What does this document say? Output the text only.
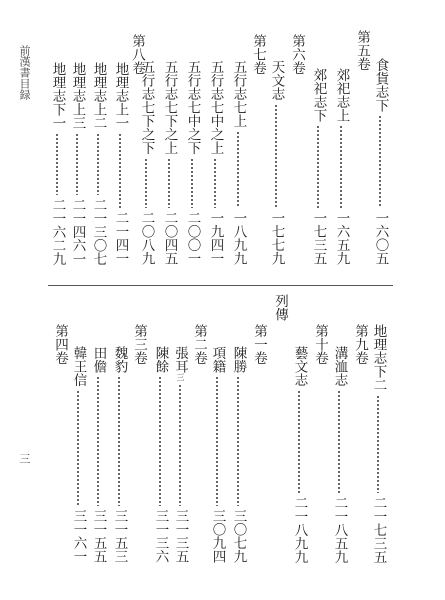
前漢書目録
三
第五卷
食貨志下
一六〇五
郊祀志上
一六五九
郊祀志下
一七三五
第六卷
天文志
一七七九
第七卷
五行志七上
一八九九
五行志七中之上
一九四一
五行志七中之下
二〇〇一
五行志七下之上
二〇四五
五行志七下之下
二〇八九
第八卷
地理志上一
二一四一
地理志上二
二一三〇七
地理志上三
二一四六一
地理志下一
二一六二九
地理志下二
二一七三五
第九卷
溝洫志
二一八五九
第十卷
藝文志
二一八九九
列傳
第一卷
陳勝
三〇七九
項籍
三〇九四
第二卷
張耳三
三一三五
陳餘
三一三六
第三卷
魏豹
三一五三
田儋
三一五五
韓王信
三一六一
第四卷
